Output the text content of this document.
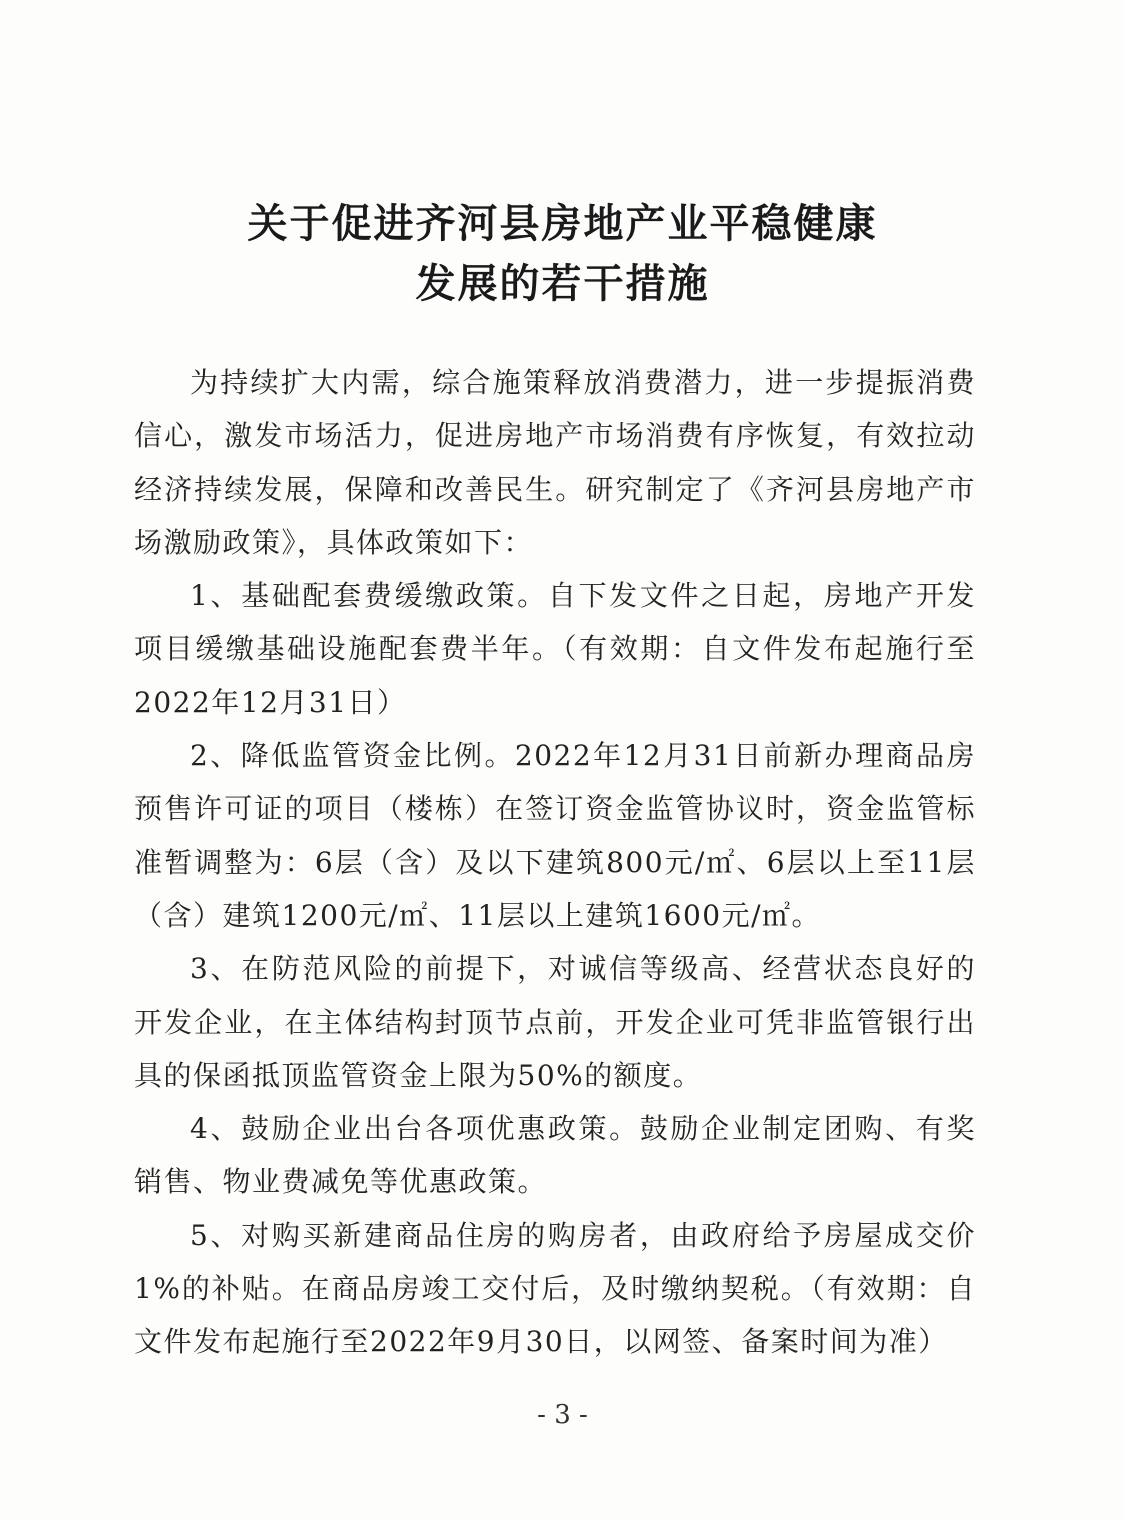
关于促进齐河县房地产业平稳健康
发展的若干措施

为持续扩大内需，综合施策释放消费潜力，进一步提振消费信心，激发市场活力，促进房地产市场消费有序恢复，有效拉动经济持续发展，保障和改善民生。研究制定了《齐河县房地产市场激励政策》，具体政策如下：

1、基础配套费缓缴政策。自下发文件之日起，房地产开发项目缓缴基础设施配套费半年。（有效期：自文件发布起施行至2022年12月31日）

2、降低监管资金比例。2022年12月31日前新办理商品房预售许可证的项目（楼栋）在签订资金监管协议时，资金监管标准暂调整为：6层（含）及以下建筑800元/㎡、6层以上至11层（含）建筑1200元/㎡、11层以上建筑1600元/㎡。

3、在防范风险的前提下，对诚信等级高、经营状态良好的开发企业，在主体结构封顶节点前，开发企业可凭非监管银行出具的保函抵顶监管资金上限为50%的额度。

4、鼓励企业出台各项优惠政策。鼓励企业制定团购、有奖销售、物业费减免等优惠政策。

5、对购买新建商品住房的购房者，由政府给予房屋成交价1%的补贴。在商品房竣工交付后，及时缴纳契税。（有效期：自文件发布起施行至2022年9月30日，以网签、备案时间为准）

- 3 -
